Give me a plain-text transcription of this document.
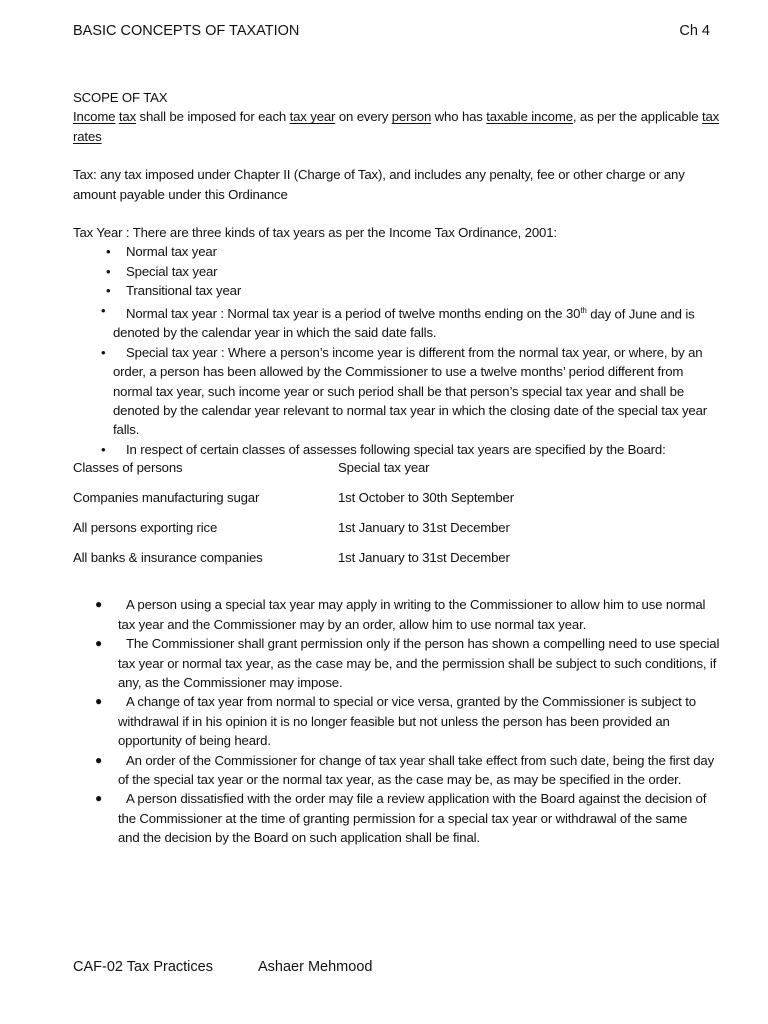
BASIC CONCEPTS OF TAXATION	Ch 4

SCOPE OF TAX

Income tax shall be imposed for each tax year on every person who has taxable income, as per the applicable tax
rates

Tax: any tax imposed under Chapter II (Charge of Tax), and includes any penalty, fee or other charge or any
amount payable under this Ordinance

Tax Year : There are three kinds of tax years as per the Income Tax Ordinance, 2001:

• Normal tax year
• Special tax year
• Transitional tax year
• Normal tax year : Normal tax year is a period of twelve months ending on the 30th day of June and is
denoted by the calendar year in which the said date falls.
• Special tax year : Where a person’s income year is different from the normal tax year, or where, by an
order, a person has been allowed by the Commissioner to use a twelve months’ period different from
normal tax year, such income year or such period shall be that person’s special tax year and shall be
denoted by the calendar year relevant to normal tax year in which the closing date of the special tax year
falls.
• In respect of certain classes of assesses following special tax years are specified by the Board:
Classes of persons	Special tax year
Companies manufacturing sugar	1st October to 30th September
All persons exporting rice	1st January to 31st December
All banks & insurance companies	1st January to 31st December
● A person using a special tax year may apply in writing to the Commissioner to allow him to use normal
tax year and the Commissioner may by an order, allow him to use normal tax year.
● The Commissioner shall grant permission only if the person has shown a compelling need to use special
tax year or normal tax year, as the case may be, and the permission shall be subject to such conditions, if
any, as the Commissioner may impose.
● A change of tax year from normal to special or vice versa, granted by the Commissioner is subject to
withdrawal if in his opinion it is no longer feasible but not unless the person has been provided an
opportunity of being heard.
● An order of the Commissioner for change of tax year shall take effect from such date, being the first day
of the special tax year or the normal tax year, as the case may be, as may be specified in the order.
● A person dissatisfied with the order may file a review application with the Board against the decision of
the Commissioner at the time of granting permission for a special tax year or withdrawal of the same
and the decision by the Board on such application shall be final.
CAF-02 Tax Practices	Ashaer Mehmood
